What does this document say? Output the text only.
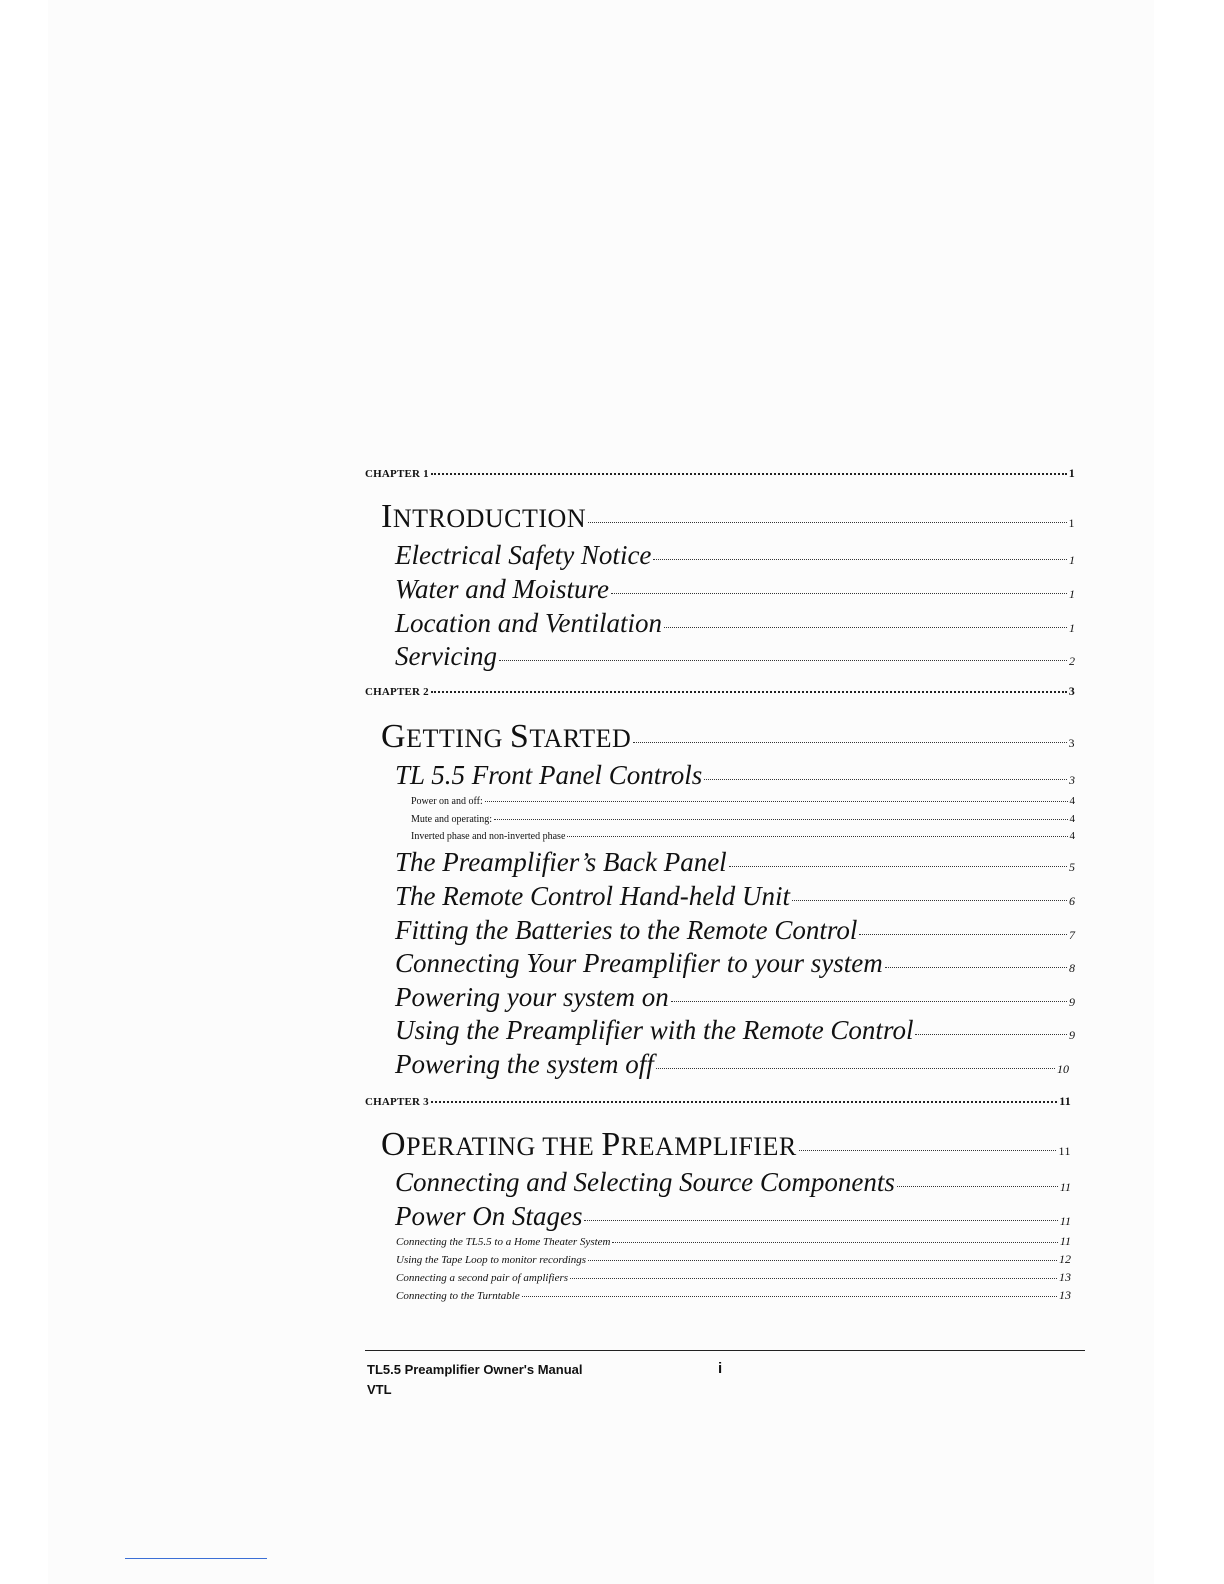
CHAPTER 1	1
INTRODUCTION	1
Electrical Safety Notice	1
Water and Moisture	1
Location and Ventilation	1
Servicing	2
CHAPTER 2	3
GETTING STARTED	3
TL 5.5 Front Panel Controls	3
Power on and off:	4
Mute and operating:	4
Inverted phase and non-inverted phase	4
The Preamplifier’s Back Panel	5
The Remote Control Hand-held Unit	6
Fitting the Batteries to the Remote Control	7
Connecting Your Preamplifier to your system	8
Powering your system on	9
Using the Preamplifier with the Remote Control	9
Powering the system off	10
CHAPTER 3	11
OPERATING THE PREAMPLIFIER	11
Connecting and Selecting Source Components	11
Power On Stages	11
Connecting the TL5.5 to a Home Theater System	11
Using the Tape Loop to monitor recordings	12
Connecting a second pair of amplifiers	13
Connecting to the Turntable	13
TL5.5 Preamplifier Owner's Manual
VTL
i
